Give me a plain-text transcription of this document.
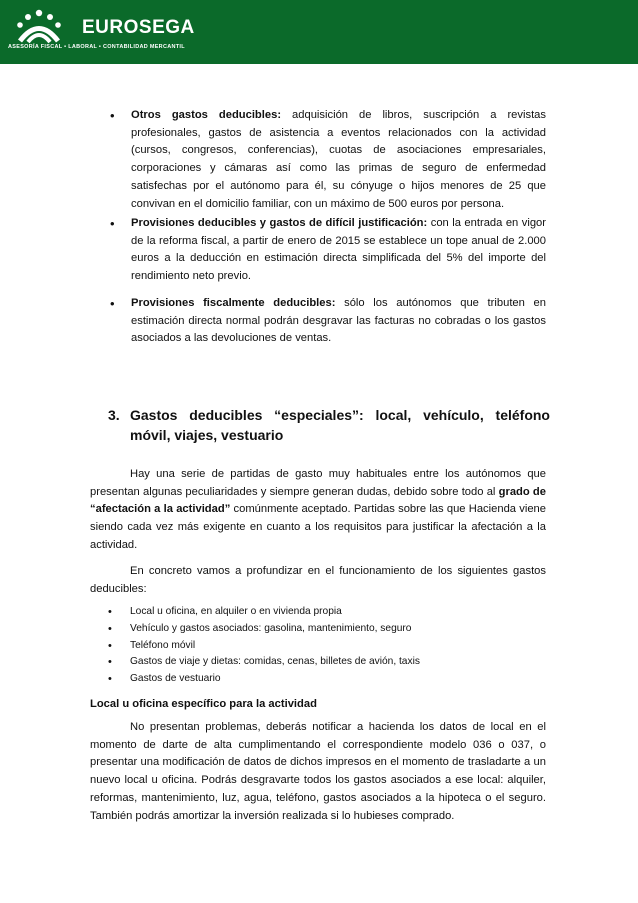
EUROSEGA
ASESORÍA FISCAL • LABORAL • CONTABILIDAD MERCANTIL
• Otros gastos deducibles: adquisición de libros, suscripción a revistas profesionales, gastos de asistencia a eventos relacionados con la actividad (cursos, congresos, conferencias), cuotas de asociaciones empresariales, corporaciones y cámaras así como las primas de seguro de enfermedad satisfechas por el autónomo para él, su cónyuge o hijos menores de 25 que convivan en el domicilio familiar, con un máximo de 500 euros por persona.
• Provisiones deducibles y gastos de difícil justificación: con la entrada en vigor de la reforma fiscal, a partir de enero de 2015 se establece un tope anual de 2.000 euros a la deducción en estimación directa simplificada del 5% del importe del rendimiento neto previo.
• Provisiones fiscalmente deducibles: sólo los autónomos que tributen en estimación directa normal podrán desgravar las facturas no cobradas o los gastos asociados a las devoluciones de ventas.
3. Gastos deducibles “especiales”: local, vehículo, teléfono móvil, viajes, vestuario
Hay una serie de partidas de gasto muy habituales entre los autónomos que presentan algunas peculiaridades y siempre generan dudas, debido sobre todo al grado de “afectación a la actividad” comúnmente aceptado. Partidas sobre las que Hacienda viene siendo cada vez más exigente en cuanto a los requisitos para justificar la afectación a la actividad.
En concreto vamos a profundizar en el funcionamiento de los siguientes gastos deducibles:
• Local u oficina, en alquiler o en vivienda propia
• Vehículo y gastos asociados: gasolina, mantenimiento, seguro
• Teléfono móvil
• Gastos de viaje y dietas: comidas, cenas, billetes de avión, taxis
• Gastos de vestuario
Local u oficina específico para la actividad
No presentan problemas, deberás notificar a hacienda los datos de local en el momento de darte de alta cumplimentando el correspondiente modelo 036 o 037, o presentar una modificación de datos de dichos impresos en el momento de trasladarte a un nuevo local u oficina. Podrás desgravarte todos los gastos asociados a ese local: alquiler, reformas, mantenimiento, luz, agua, teléfono, gastos asociados a la hipoteca o el seguro. También podrás amortizar la inversión realizada si lo hubieses comprado.
